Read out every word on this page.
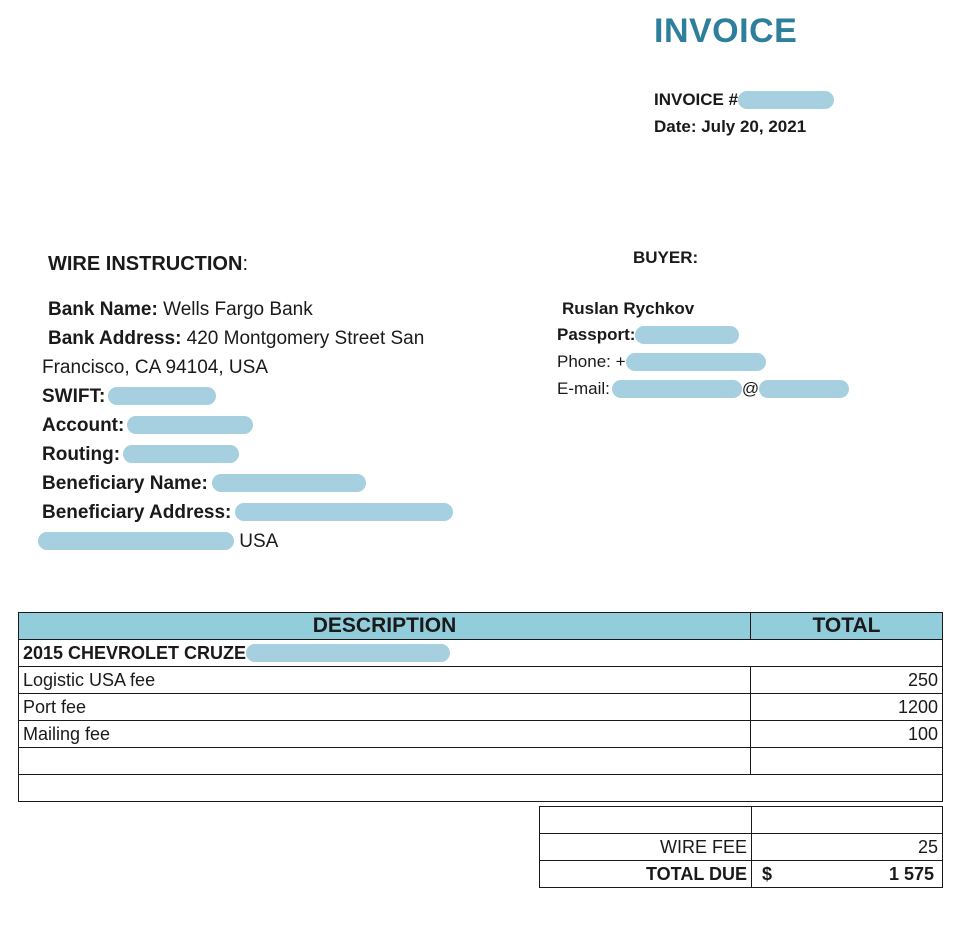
INVOICE
INVOICE #
Date: July 20, 2021
WIRE INSTRUCTION:
Bank Name: Wells Fargo Bank
Bank Address: 420 Montgomery Street San
Francisco, CA 94104, USA
SWIFT:
Account:
Routing:
Beneficiary Name:
Beneficiary Address:
USA
BUYER:
Ruslan Rychkov
Passport:
Phone: +
E-mail:	@
DESCRIPTION	TOTAL
2015 CHEVROLET CRUZE	
Logistic USA fee	250
Port fee	1200
Mailing fee	100

WIRE FEE	25
TOTAL DUE	$ 1 575
